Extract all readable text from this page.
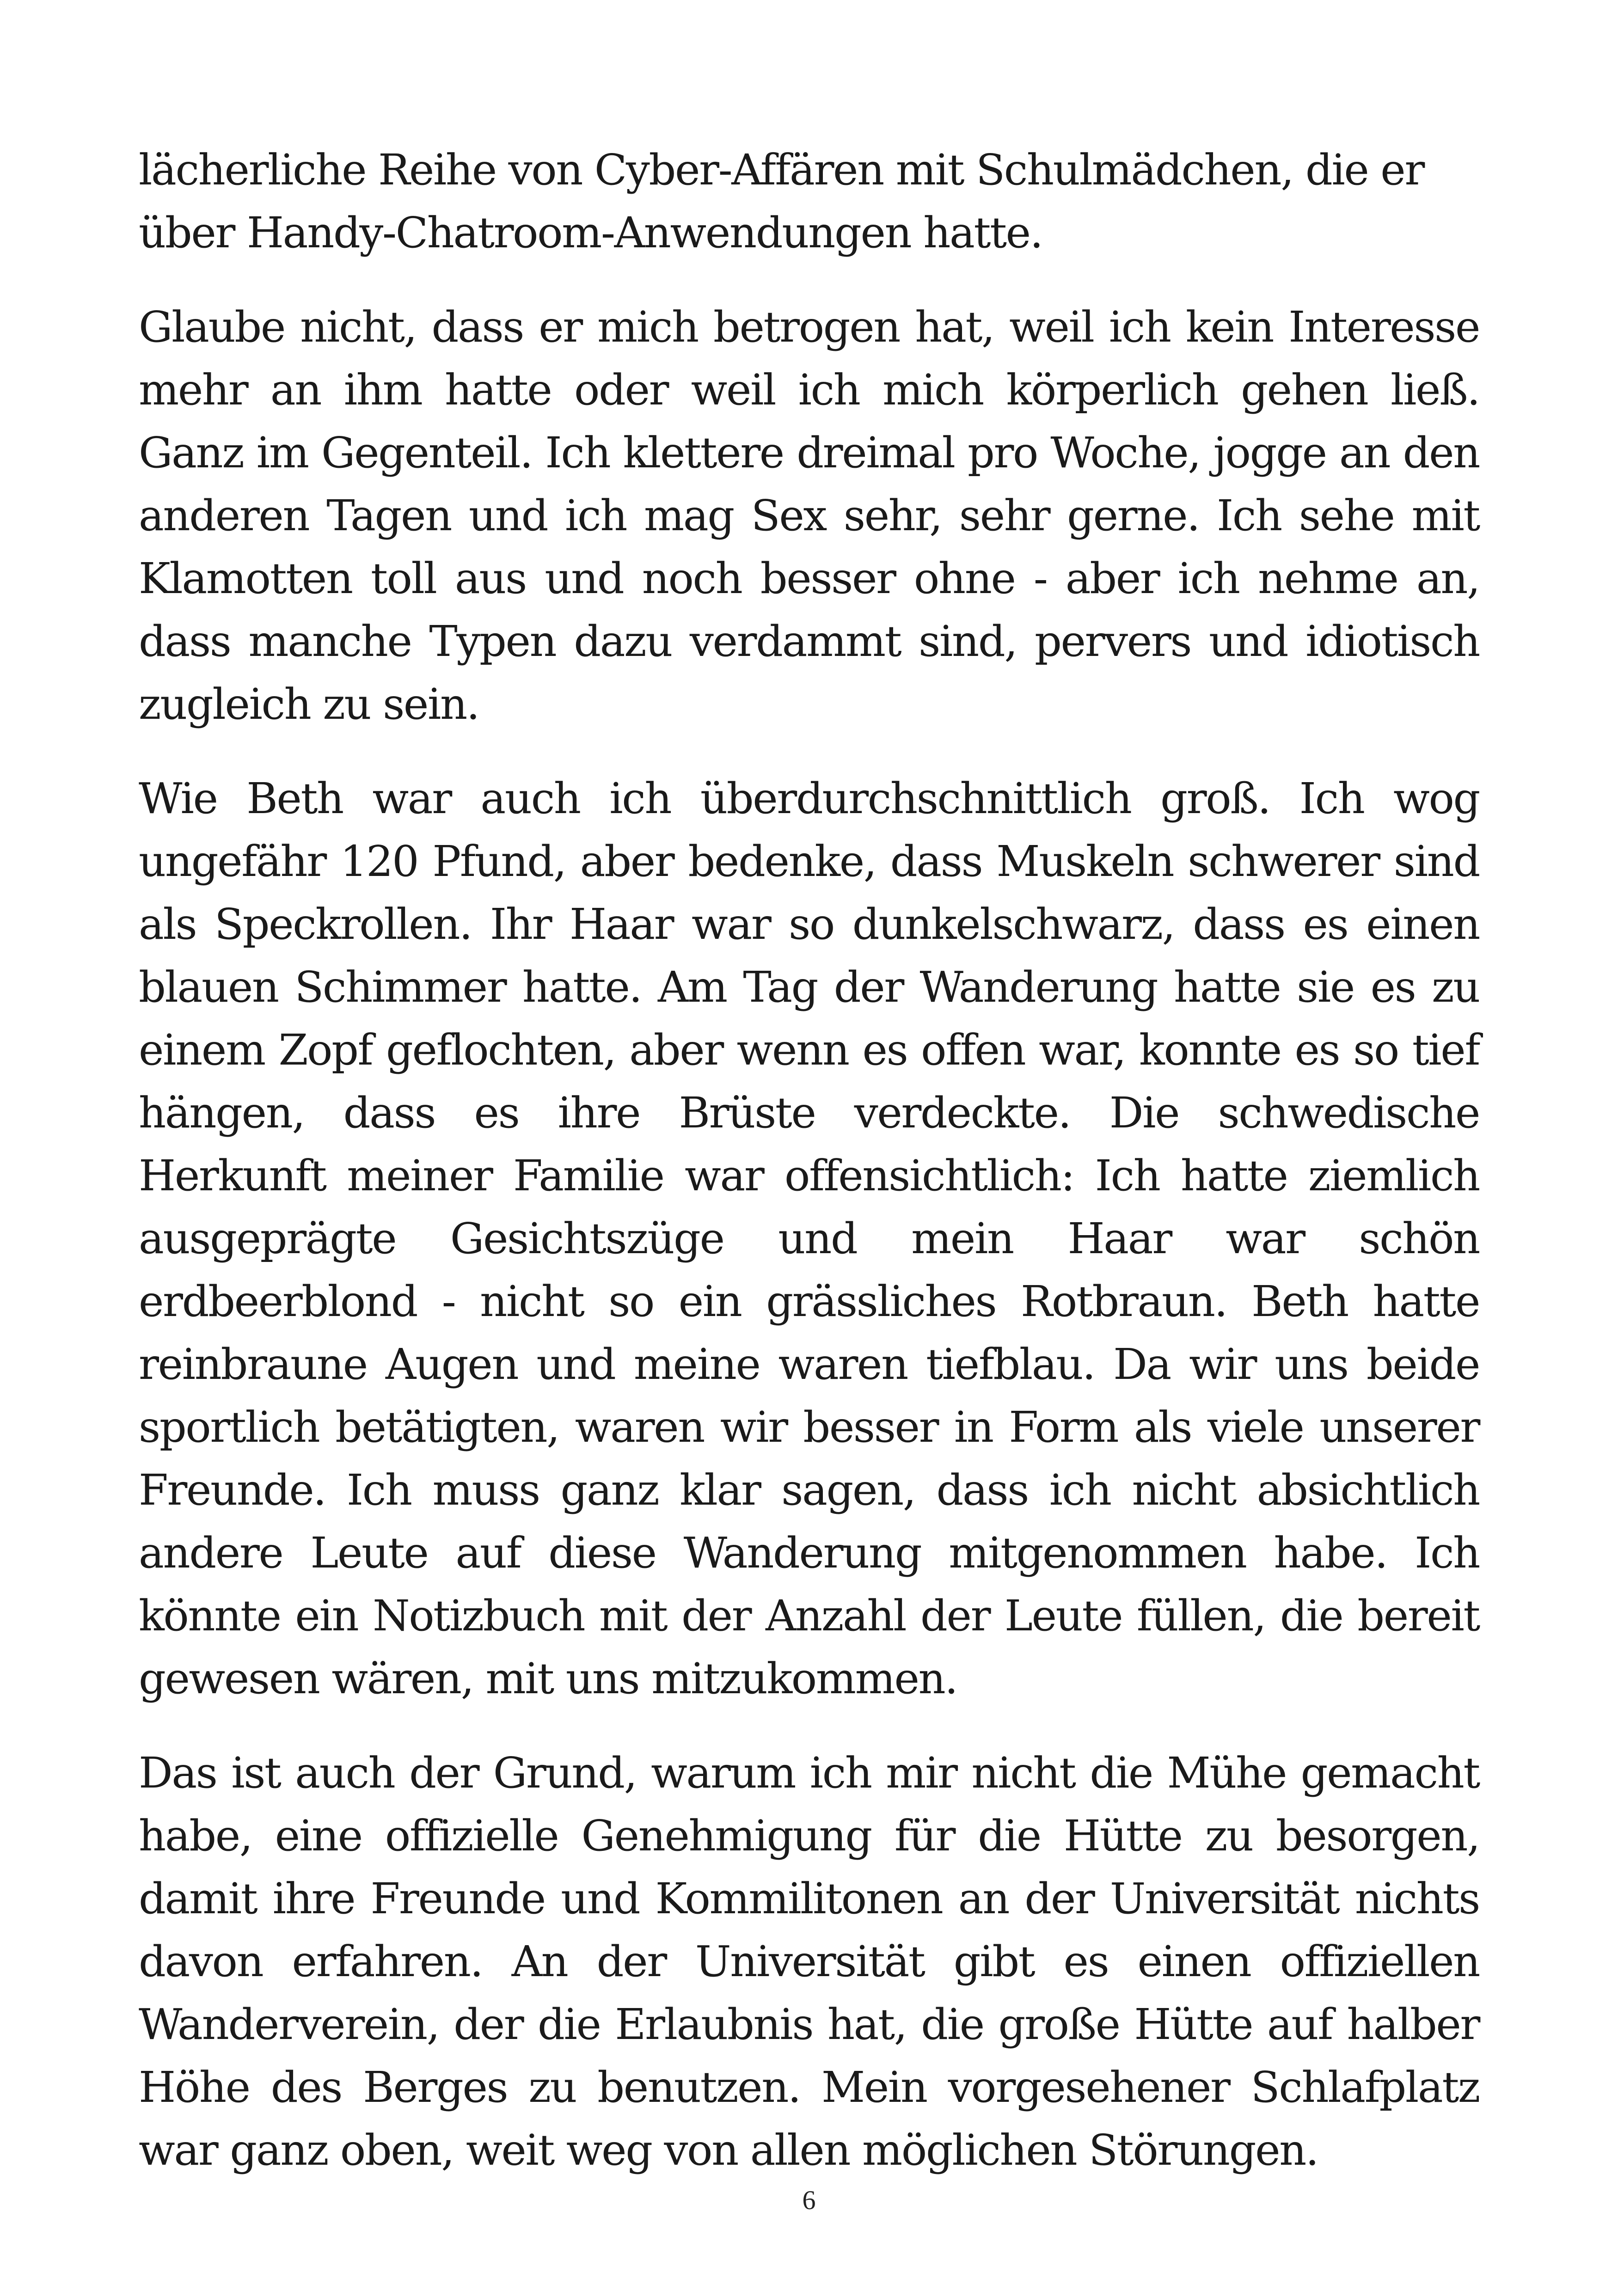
lächerliche Reihe von Cyber-Affären mit Schulmädchen, die er über Handy-Chatroom-Anwendungen hatte.

Glaube nicht, dass er mich betrogen hat, weil ich kein Interesse mehr an ihm hatte oder weil ich mich körperlich gehen ließ. Ganz im Gegenteil. Ich klettere dreimal pro Woche, jogge an den anderen Tagen und ich mag Sex sehr, sehr gerne. Ich sehe mit Klamotten toll aus und noch besser ohne - aber ich nehme an, dass manche Typen dazu verdammt sind, pervers und idiotisch zugleich zu sein.

Wie Beth war auch ich überdurchschnittlich groß. Ich wog ungefähr 120 Pfund, aber bedenke, dass Muskeln schwerer sind als Speckrollen. Ihr Haar war so dunkelschwarz, dass es einen blauen Schimmer hatte. Am Tag der Wanderung hatte sie es zu einem Zopf geflochten, aber wenn es offen war, konnte es so tief hängen, dass es ihre Brüste verdeckte. Die schwedische Herkunft meiner Familie war offensichtlich: Ich hatte ziemlich ausgeprägte Gesichtszüge und mein Haar war schön erdbeerblond - nicht so ein grässliches Rotbraun. Beth hatte reinbraune Augen und meine waren tiefblau. Da wir uns beide sportlich betätigten, waren wir besser in Form als viele unserer Freunde. Ich muss ganz klar sagen, dass ich nicht absichtlich andere Leute auf diese Wanderung mitgenommen habe. Ich könnte ein Notizbuch mit der Anzahl der Leute füllen, die bereit gewesen wären, mit uns mitzukommen.

Das ist auch der Grund, warum ich mir nicht die Mühe gemacht habe, eine offizielle Genehmigung für die Hütte zu besorgen, damit ihre Freunde und Kommilitonen an der Universität nichts davon erfahren. An der Universität gibt es einen offiziellen Wanderverein, der die Erlaubnis hat, die große Hütte auf halber Höhe des Berges zu benutzen. Mein vorgesehener Schlafplatz war ganz oben, weit weg von allen möglichen Störungen.

6
